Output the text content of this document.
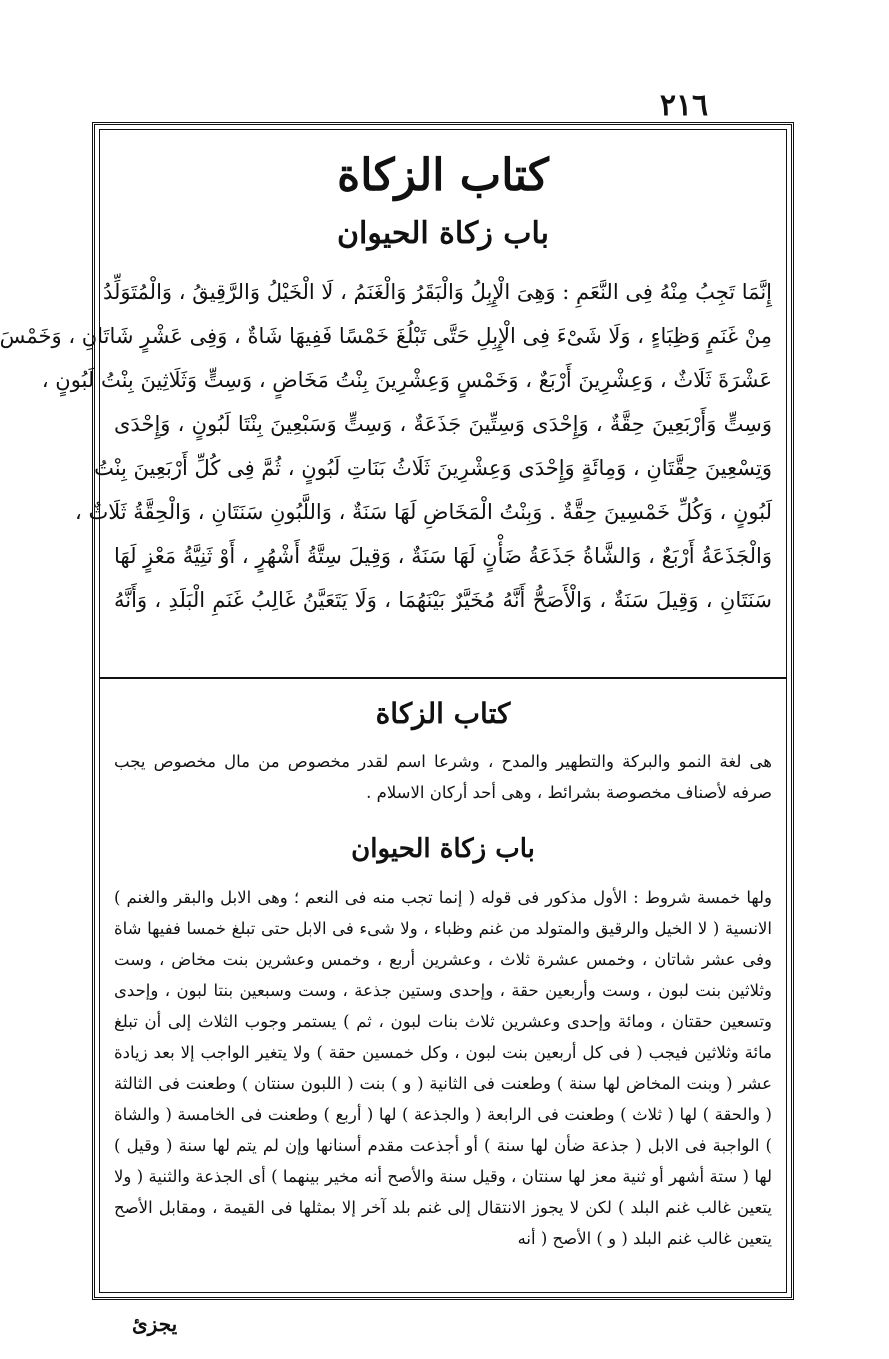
٢١٦
كتاب الزكاة
باب زكاة الحيوان
إِنَّمَا تَجِبُ مِنْهُ فِى النَّعَمِ : وَهِىَ الْإِبِلُ وَالْبَقَرُ وَالْغَنَمُ ، لَا الْخَيْلُ وَالرَّقِيقُ ، وَالْمُتَوَلِّدُ
مِنْ غَنَمٍ وَظِبَاءٍ ، وَلَا شَىْءَ فِى الْإِبِلِ حَتَّى تَبْلُغَ خَمْسًا فَفِيهَا شَاةٌ ، وَفِى عَشْرٍ شَاتَانِ ، وَخَمْسَ
عَشْرَةَ ثَلَاثٌ ، وَعِشْرِينَ أَرْبَعٌ ، وَخَمْسٍ وَعِشْرِينَ بِنْتُ مَخَاضٍ ، وَسِتٍّ وَثَلَاثِينَ بِنْتُ لَبُونٍ ،
وَسِتٍّ وَأَرْبَعِينَ حِقَّةٌ ، وَإِحْدَى وَسِتِّينَ جَذَعَةٌ ، وَسِتٍّ وَسَبْعِينَ بِنْتَا لَبُونٍ ، وَإِحْدَى
وَتِسْعِينَ حِقَّتَانِ ، وَمِائَةٍ وَإِحْدَى وَعِشْرِينَ ثَلَاثُ بَنَاتِ لَبُونٍ ، ثُمَّ فِى كُلِّ أَرْبَعِينَ بِنْتُ
لَبُونٍ ، وَكُلِّ خَمْسِينَ حِقَّةٌ . وَبِنْتُ الْمَخَاضِ لَهَا سَنَةٌ ، وَاللَّبُونِ سَنَتَانِ ، وَالْحِقَّةُ ثَلَاثٌ ،
وَالْجَذَعَةُ أَرْبَعٌ ، وَالشَّاةُ جَذَعَةُ ضَأْنٍ لَهَا سَنَةٌ ، وَقِيلَ سِتَّةُ أَشْهُرٍ ، أَوْ ثَنِيَّةُ مَعْزٍ لَهَا
سَنَتَانِ ، وَقِيلَ سَنَةٌ ، وَالْأَصَحُّ أَنَّهُ مُخَيَّرٌ بَيْنَهُمَا ، وَلَا يَتَعَيَّنُ غَالِبُ غَنَمِ الْبَلَدِ ، وَأَنَّهُ
كتاب الزكاة

هى لغة النمو والبركة والتطهير والمدح ، وشرعا اسم لقدر مخصوص من مال مخصوص يجب صرفه لأصناف مخصوصة بشرائط ، وهى أحد أركان الاسلام .

باب زكاة الحيوان

ولها خمسة شروط : الأول مذكور فى قوله ( إنما تجب منه فى النعم ؛ وهى الابل والبقر والغنم ) الانسية ( لا الخيل والرقيق والمتولد من غنم وظباء ، ولا شىء فى الابل حتى تبلغ خمسا ففيها شاة وفى عشر شاتان ، وخمس عشرة ثلاث ، وعشرين أربع ، وخمس وعشرين بنت مخاض ، وست وثلاثين بنت لبون ، وست وأربعين حقة ، وإحدى وستين جذعة ، وست وسبعين بنتا لبون ، وإحدى وتسعين حقتان ، ومائة وإحدى وعشرين ثلاث بنات لبون ، ثم ) يستمر وجوب الثلاث إلى أن تبلغ مائة وثلاثين فيجب ( فى كل أربعين بنت لبون ، وكل خمسين حقة ) ولا يتغير الواجب إلا بعد زيادة عشر ( وبنت المخاض لها سنة ) وطعنت فى الثانية ( و ) بنت ( اللبون سنتان ) وطعنت فى الثالثة ( والحقة ) لها ( ثلاث ) وطعنت فى الرابعة ( والجذعة ) لها ( أربع ) وطعنت فى الخامسة ( والشاة ) الواجبة فى الابل ( جذعة ضأن لها سنة ) أو أجذعت مقدم أسنانها وإن لم يتم لها سنة ( وقيل ) لها ( ستة أشهر أو ثنية معز لها سنتان ، وقيل سنة والأصح أنه مخير بينهما ) أى الجذعة والثنية ( ولا يتعين غالب غنم البلد ) لكن لا يجوز الانتقال إلى غنم بلد آخر إلا بمثلها فى القيمة ، ومقابل الأصح يتعين غالب غنم البلد ( و ) الأصح ( أنه

يجزئ
